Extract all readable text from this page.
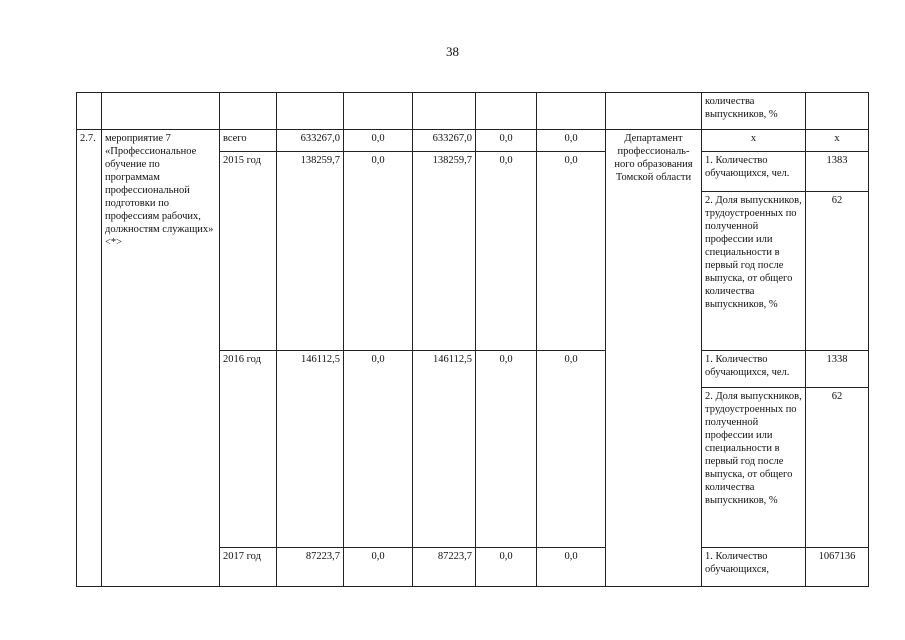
38
									количества выпускников, %	
2.7.	мероприятие 7 «Профессиональное обучение по программам профессиональной подготовки по профессиям рабочих, должностям служащих» <*>	всего	633267,0	0,0	633267,0	0,0	0,0	Департамент профессиональ-ного образования Томской области	x	x
		2015 год	138259,7	0,0	138259,7	0,0	0,0		1. Количество обучающихся, чел.	1383
									2. Доля выпускников, трудоустроенных по полученной профессии или специальности в первый год после выпуска, от общего количества выпускников, %	62
		2016 год	146112,5	0,0	146112,5	0,0	0,0		1. Количество обучающихся, чел.	1338
									2. Доля выпускников, трудоустроенных по полученной профессии или специальности в первый год после выпуска, от общего количества выпускников, %	62
		2017 год	87223,7	0,0	87223,7	0,0	0,0		1. Количество обучающихся,	1067136
